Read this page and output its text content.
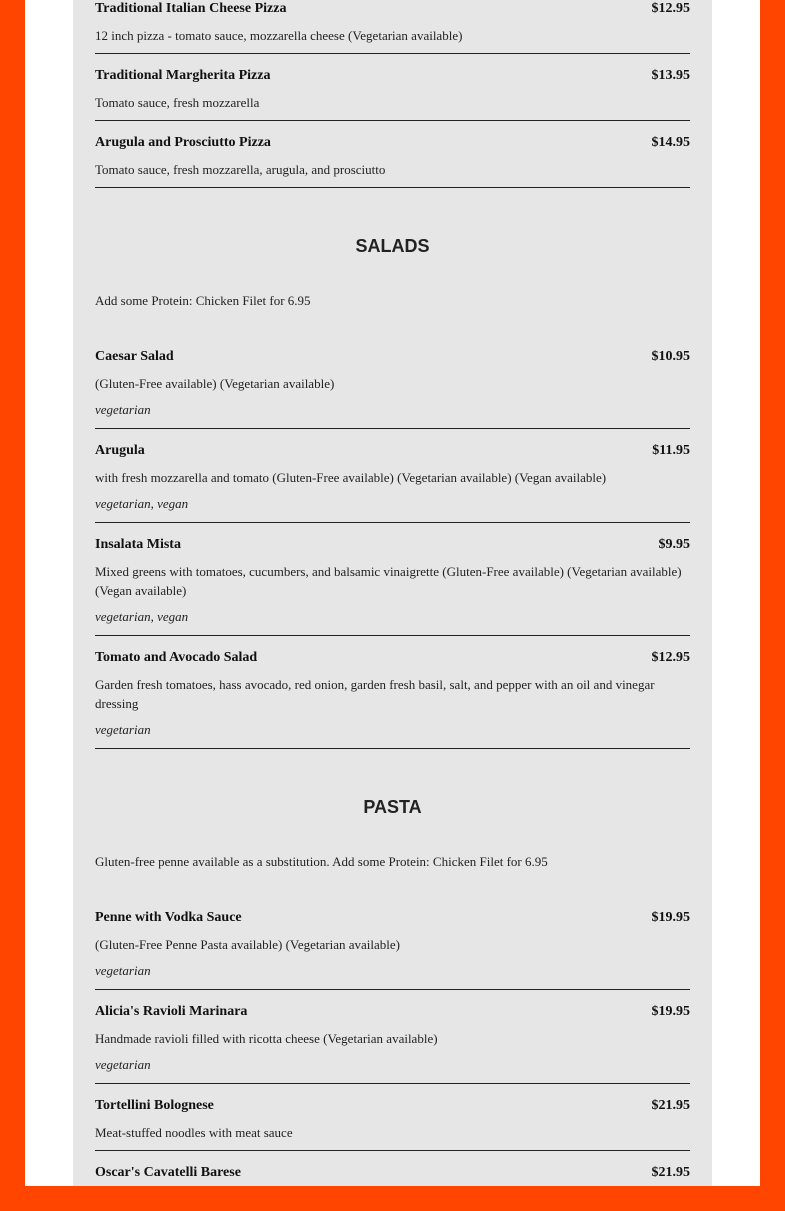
Traditional Italian Cheese Pizza	$12.95
12 inch pizza - tomato sauce, mozzarella cheese (Vegetarian available)
Traditional Margherita Pizza	$13.95
Tomato sauce, fresh mozzarella
Arugula and Prosciutto Pizza	$14.95
Tomato sauce, fresh mozzarella, arugula, and prosciutto
SALADS
Add some Protein: Chicken Filet for 6.95
Caesar Salad	$10.95
(Gluten-Free available) (Vegetarian available)
vegetarian
Arugula	$11.95
with fresh mozzarella and tomato (Gluten-Free available) (Vegetarian available) (Vegan available)
vegetarian, vegan
Insalata Mista	$9.95
Mixed greens with tomatoes, cucumbers, and balsamic vinaigrette (Gluten-Free available) (Vegetarian available) (Vegan available)
vegetarian, vegan
Tomato and Avocado Salad	$12.95
Garden fresh tomatoes, hass avocado, red onion, garden fresh basil, salt, and pepper with an oil and vinegar dressing
vegetarian
PASTA
Gluten-free penne available as a substitution. Add some Protein: Chicken Filet for 6.95
Penne with Vodka Sauce	$19.95
(Gluten-Free Penne Pasta available) (Vegetarian available)
vegetarian
Alicia's Ravioli Marinara	$19.95
Handmade ravioli filled with ricotta cheese (Vegetarian available)
vegetarian
Tortellini Bolognese	$21.95
Meat-stuffed noodles with meat sauce
Oscar's Cavatelli Barese	$21.95
